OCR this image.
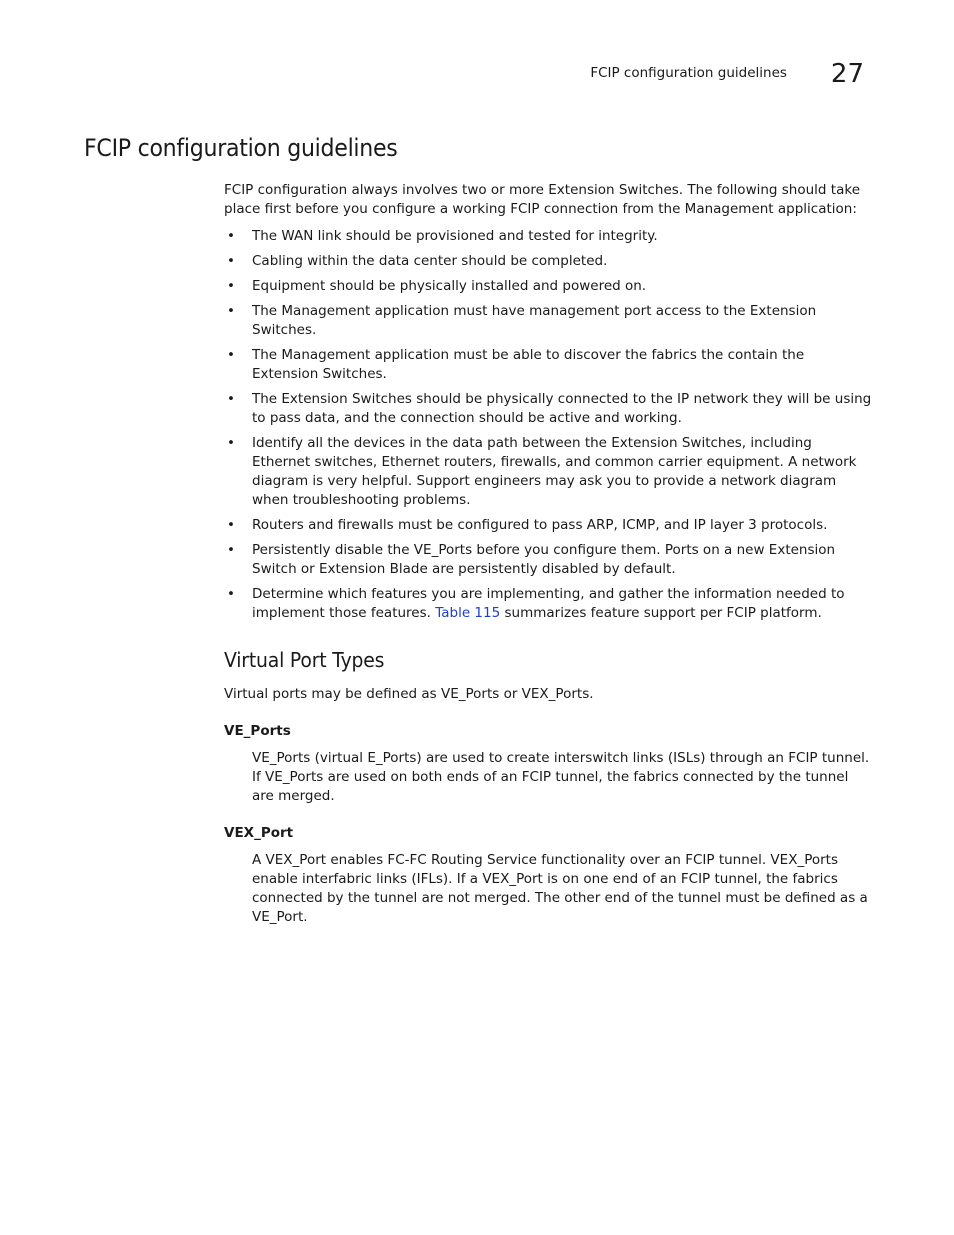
FCIP configuration guidelines 27
FCIP configuration guidelines

FCIP configuration always involves two or more Extension Switches. The following should take place first before you configure a working FCIP connection from the Management application:

• The WAN link should be provisioned and tested for integrity.
• Cabling within the data center should be completed.
• Equipment should be physically installed and powered on.
• The Management application must have management port access to the Extension Switches.
• The Management application must be able to discover the fabrics the contain the Extension Switches.
• The Extension Switches should be physically connected to the IP network they will be using to pass data, and the connection should be active and working.
• Identify all the devices in the data path between the Extension Switches, including Ethernet switches, Ethernet routers, firewalls, and common carrier equipment. A network diagram is very helpful. Support engineers may ask you to provide a network diagram when troubleshooting problems.
• Routers and firewalls must be configured to pass ARP, ICMP, and IP layer 3 protocols.
• Persistently disable the VE_Ports before you configure them. Ports on a new Extension Switch or Extension Blade are persistently disabled by default.
• Determine which features you are implementing, and gather the information needed to implement those features. Table 115 summarizes feature support per FCIP platform.
Virtual Port Types

Virtual ports may be defined as VE_Ports or VEX_Ports.

VE_Ports

VE_Ports (virtual E_Ports) are used to create interswitch links (ISLs) through an FCIP tunnel. If VE_Ports are used on both ends of an FCIP tunnel, the fabrics connected by the tunnel are merged.

VEX_Port

A VEX_Port enables FC-FC Routing Service functionality over an FCIP tunnel. VEX_Ports enable interfabric links (IFLs). If a VEX_Port is on one end of an FCIP tunnel, the fabrics connected by the tunnel are not merged. The other end of the tunnel must be defined as a VE_Port.
